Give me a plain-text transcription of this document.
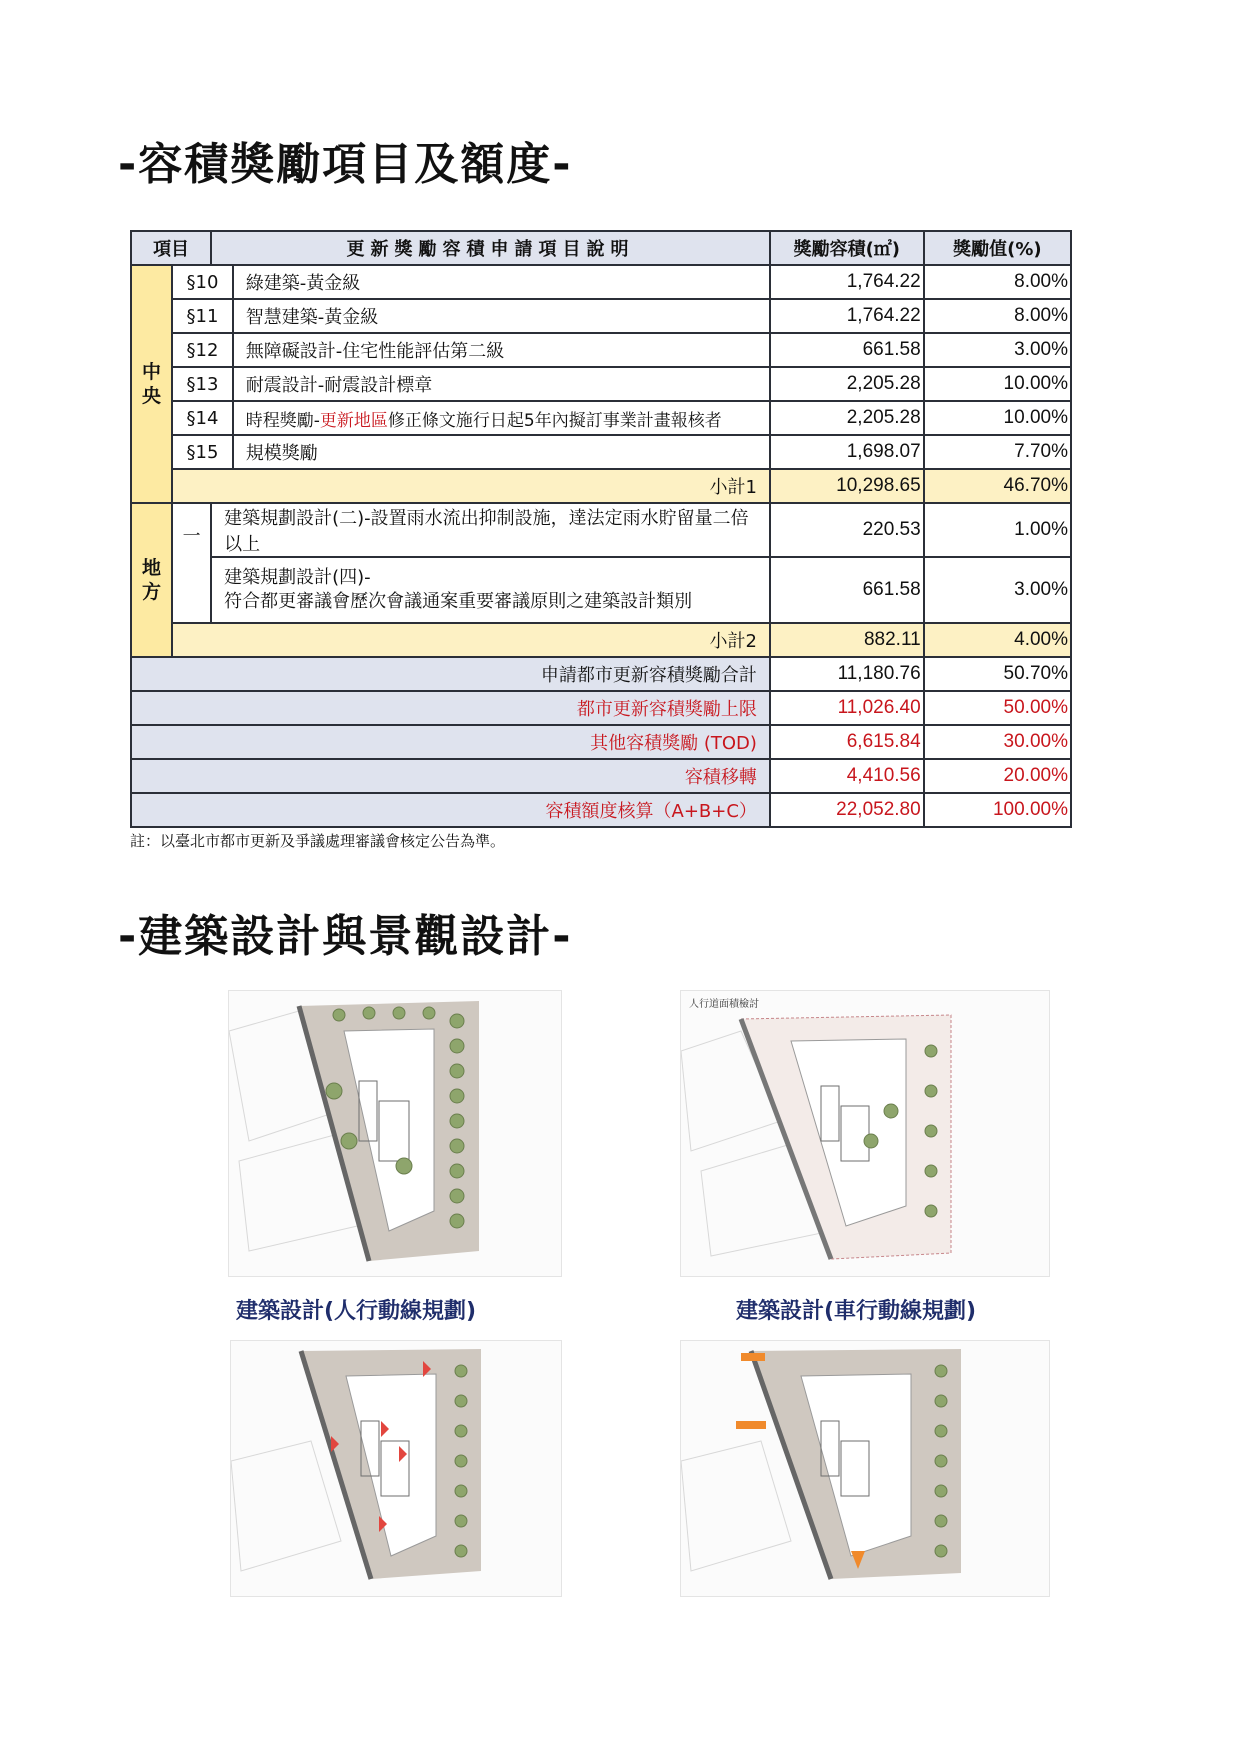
-容積獎勵項目及額度-
項目		更新獎勵容積申請項目說明		獎勵容積(㎡)	獎勵值(%)
中央	§10		綠建築-黃金級	1,764.22	8.00%
	§11		智慧建築-黃金級	1,764.22	8.00%
	§12		無障礙設計-住宅性能評估第二級	661.58	3.00%
	§13		耐震設計-耐震設計標章	2,205.28	10.00%
	§14		時程獎勵-更新地區修正條文施行日起5年內擬訂事業計畫報核者	2,205.28	10.00%
	§15		規模獎勵	1,698.07	7.70%
	小計1			10,298.65	46.70%
地方	一	建築規劃設計(二)-設置雨水流出抑制設施，達法定雨水貯留量二倍以上		220.53	1.00%

		建築規劃設計(四)-
符合都更審議會歷次會議通案重要審議原則之建築設計類別		661.58	3.00%
	小計2			882.11	4.00%
申請都市更新容積獎勵合計				11,180.76	50.70%
都市更新容積獎勵上限				11,026.40	50.00%
其他容積獎勵 (TOD)				6,615.84	30.00%
容積移轉				4,410.56	20.00%
容積額度核算（A+B+C）				22,052.80	100.00%
註：以臺北市都市更新及爭議處理審議會核定公告為準。
-建築設計與景觀設計-
人行道面積檢討
建築設計(人行動線規劃)	建築設計(車行動線規劃)
